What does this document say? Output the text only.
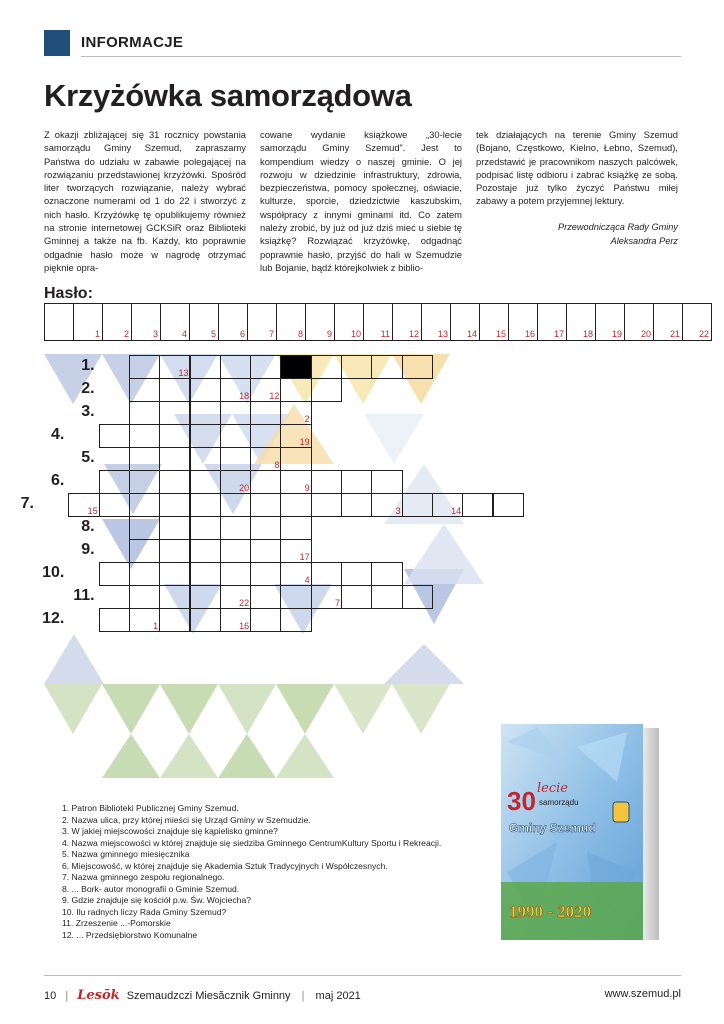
INFORMACJE
Krzyżówka samorządowa
Z okazji zbliżającej się 31 rocznicy powstania samorządu Gminy Szemud, zapraszamy Państwa do udziału w zabawie polegającej na rozwiązaniu przedstawionej krzyżówki. Spośród liter tworzących rozwiązanie, należy wybrać oznaczone numerami od 1 do 22 i stworzyć z nich hasło. Krzyżówkę tę opublikujemy również na stronie internetowej GCKSiR oraz Biblioteki Gminnej a także na fb. Każdy, kto poprawnie odgadnie hasło może w nagrodę otrzymać pięknie opra-
cowane wydanie książkowe „30-lecie samorządu Gminy Szemud”. Jest to kompendium wiedzy o naszej gminie. O jej rozwoju w dziedzinie infrastruktury, zdrowia, bezpieczeństwa, pomocy społecznej, oświacie, kulturze, sporcie, dziedzictwie kaszubskim, współpracy z innymi gminami itd. Co zatem należy zrobić, by już od już dziś mieć u siebie tę książkę? Rozwiązać krzyżówkę, odgadnąć poprawnie hasło, przyjść do hali w Szemudzie lub Bojanie, bądź którejkolwiek z biblio-
tek działających na terenie Gminy Szemud (Bojano, Częstkowo, Kielno, Łebno, Szemud), przedstawić je pracownikom naszych palcówek, podpisać listę odbioru i zabrać książkę ze sobą. Pozostaje już tylko życzyć Państwu miłej zabawy a potem przyjemnej lektury.
Przewodnicząca Rady Gminy
Aleksandra Perz
Hasło:
1	2	3	4	5	6	7	8	9 10 11 12 13 14 15 16 17 18 19 20 21 22
1.	13
2.	18 12
3.	2
4.	19
5.	8
6.	20	9
7.	15	3	14
8.
9.	17
10.	4
11.	22	7
12.	1	16
1. Patron Biblioteki Publicznej Gminy Szemud.
2. Nazwa ulica, przy której mieści się Urząd Gminy w Szemudzie.
3. W jakiej miejscowości znajduje się kąpielisko gminne?
4. Nazwa miejscowości w której znajduje się siedziba Gminnego CentrumKultury Sportu i Rekreacji.
5. Nazwa gminnego miesięcznika
6. Miejscowość, w której znajduje się Akademia Sztuk Tradycyjnych i Współczesnych.
7. Nazwa gminnego zespołu regionalnego.
8. ... Bork- autor monografii o Gminie Szemud.
9. Gdzie znajduje się kościół p.w. Św. Wojciecha?
10. Ilu radnych liczy Rada Gminy Szemud?
11. Zrzeszenie ...-Pomorskie
12. ... Przedsiębiorstwo Komunalne
30 lecie
samorządu
Gminy Szemud
1990 - 2020
10 | Lesōk Szemaudzczi Miesăcznik Gminny | maj 2021	www.szemud.pl
